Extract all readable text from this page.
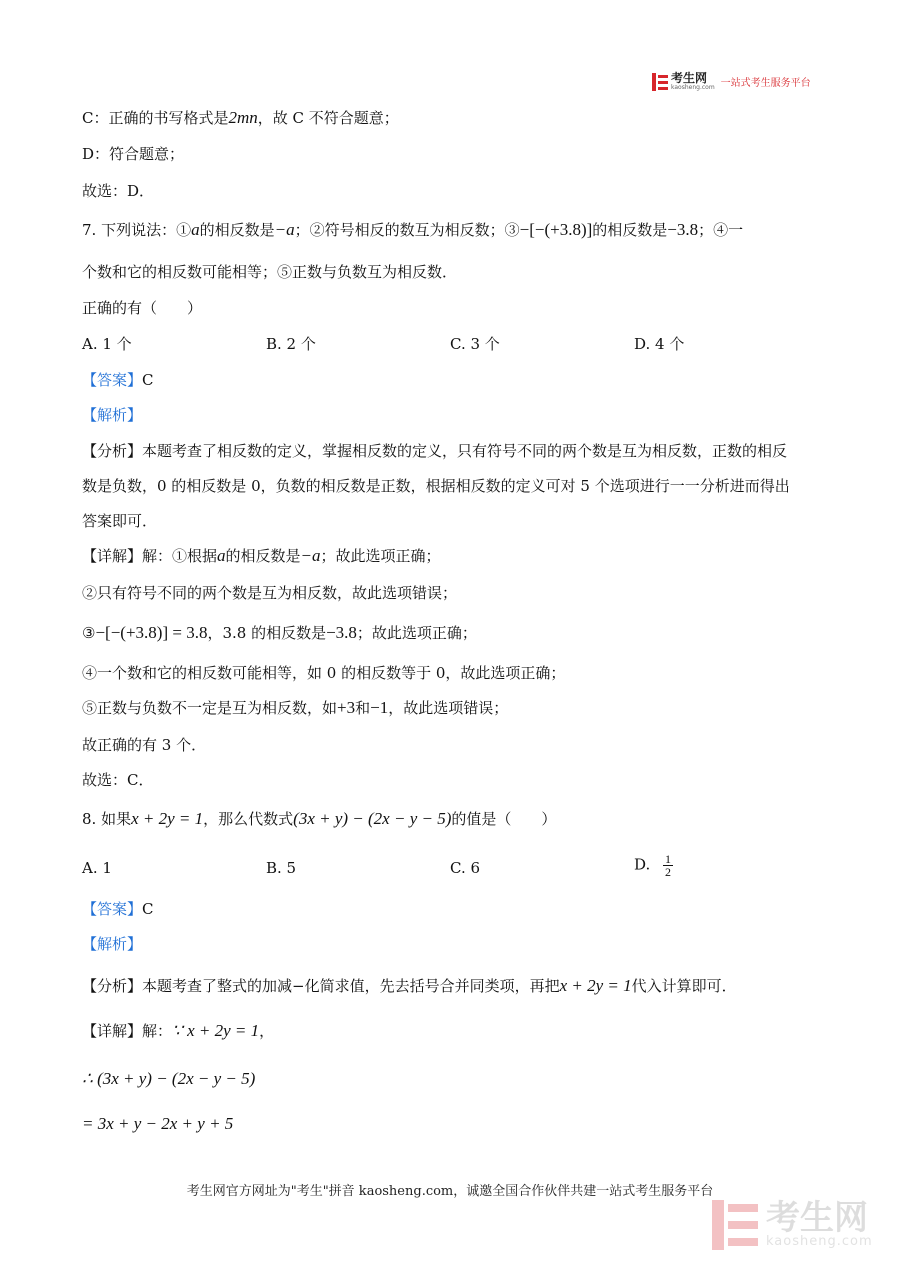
考生网
kaosheng.com 一站式考生服务平台
C：正确的书写格式是2mn，故 C 不符合题意；
D：符合题意；
故选：D．
7. 下列说法：①a的相反数是−a；②符号相反的数互为相反数；③−[−(+3.8)]的相反数是−3.8；④一
个数和它的相反数可能相等；⑤正数与负数互为相反数．
正确的有（　　）
A. 1 个	B. 2 个	C. 3 个	D. 4 个
【答案】C
【解析】
【分析】本题考查了相反数的定义，掌握相反数的定义，只有符号不同的两个数是互为相反数，正数的相反
数是负数，0 的相反数是 0，负数的相反数是正数，根据相反数的定义可对 5 个选项进行一一分析进而得出
答案即可．
【详解】解：①根据a的相反数是−a；故此选项正确；
②只有符号不同的两个数是互为相反数，故此选项错误；
③−[−(+3.8)] = 3.8，3.8 的相反数是−3.8；故此选项正确；
④一个数和它的相反数可能相等，如 0 的相反数等于 0，故此选项正确；
⑤正数与负数不一定是互为相反数，如+3和−1，故此选项错误；
故正确的有 3 个．
故选：C．
8. 如果x + 2y = 1，那么代数式(3x + y) − (2x − y − 5)的值是（　　）
A. 1	B. 5	C. 6	D. $\frac{1}{2}$
【答案】C
【解析】
【分析】本题考查了整式的加减−化简求值，先去括号合并同类项，再把x + 2y = 1代入计算即可．
【详解】解：∵ x + 2y = 1，
∴ (3x + y) − (2x − y − 5)
= 3x + y − 2x + y + 5
考生网官方网址为"考生"拼音 kaosheng.com，诚邀全国合作伙伴共建一站式考生服务平台
考生网
kaosheng.com
